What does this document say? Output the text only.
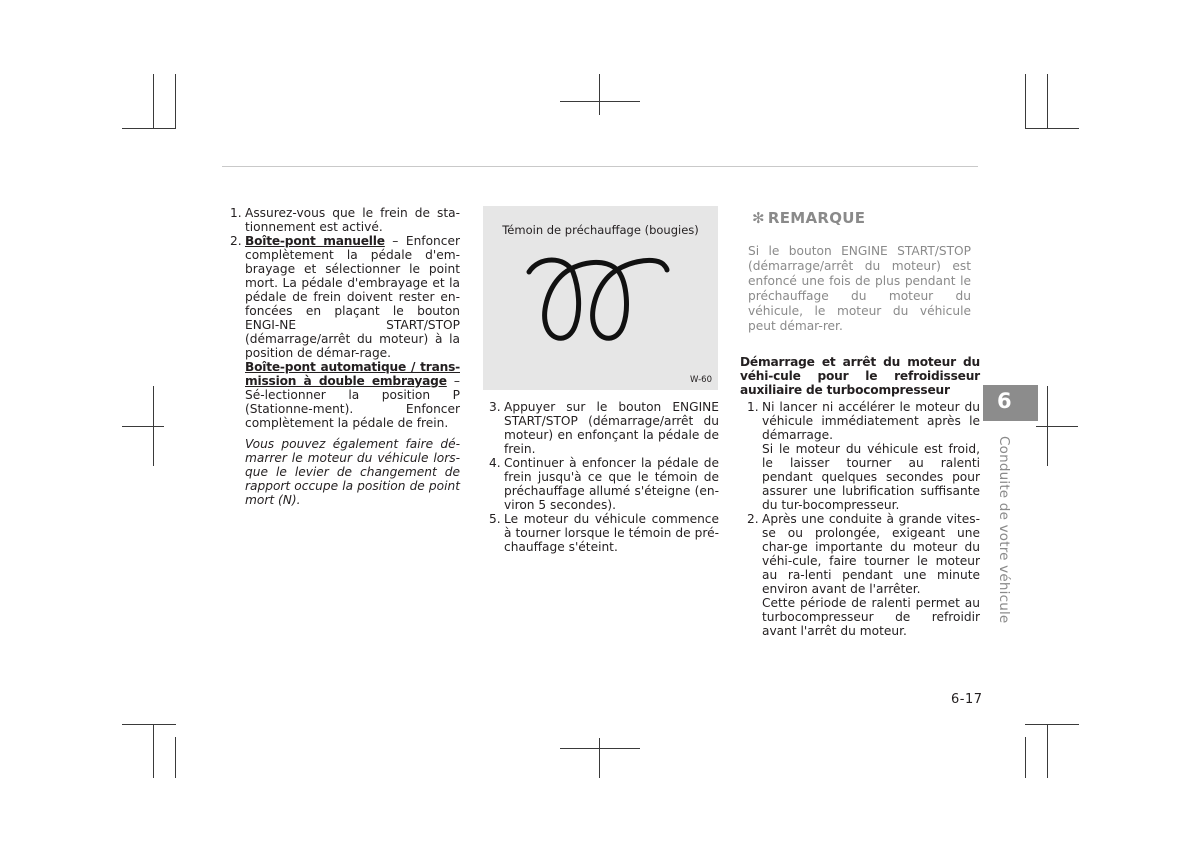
1. Assurez-vous que le frein de sta-tionnement est activé.
2. Boîte-pont manuelle – Enfoncer complètement la pédale d'em-brayage et sélectionner le point mort. La pédale d'embrayage et la pédale de frein doivent rester en-foncées en plaçant le bouton ENGI-NE START/STOP (démarrage/arrêt du moteur) à la position de démar-rage.
Boîte-pont automatique / trans-mission à double embrayage – Sé-lectionner la position P (Stationne-ment). Enfoncer complètement la pédale de frein.
Vous pouvez également faire dé-marrer le moteur du véhicule lors-que le levier de changement de rapport occupe la position de point mort (N).
Témoin de préchauffage (bougies)
W-60
3. Appuyer sur le bouton ENGINE START/STOP (démarrage/arrêt du moteur) en enfonçant la pédale de frein.
4. Continuer à enfoncer la pédale de frein jusqu'à ce que le témoin de préchauffage allumé s'éteigne (en-viron 5 secondes).
5. Le moteur du véhicule commence à tourner lorsque le témoin de pré-chauffage s'éteint.
✻ REMARQUE
Si le bouton ENGINE START/STOP (démarrage/arrêt du moteur) est enfoncé une fois de plus pendant le préchauffage du moteur du véhicule, le moteur du véhicule peut démar-rer.
Démarrage et arrêt du moteur du véhi-cule pour le refroidisseur auxiliaire de turbocompresseur
1. Ni lancer ni accélérer le moteur du véhicule immédiatement après le démarrage.
Si le moteur du véhicule est froid, le laisser tourner au ralenti pendant quelques secondes pour assurer une lubrification suffisante du tur-bocompresseur.
2. Après une conduite à grande vites-se ou prolongée, exigeant une char-ge importante du moteur du véhi-cule, faire tourner le moteur au ra-lenti pendant une minute environ avant de l'arrêter.
Cette période de ralenti permet au turbocompresseur de refroidir avant l'arrêt du moteur.
6
Conduite de votre véhicule
6-17
